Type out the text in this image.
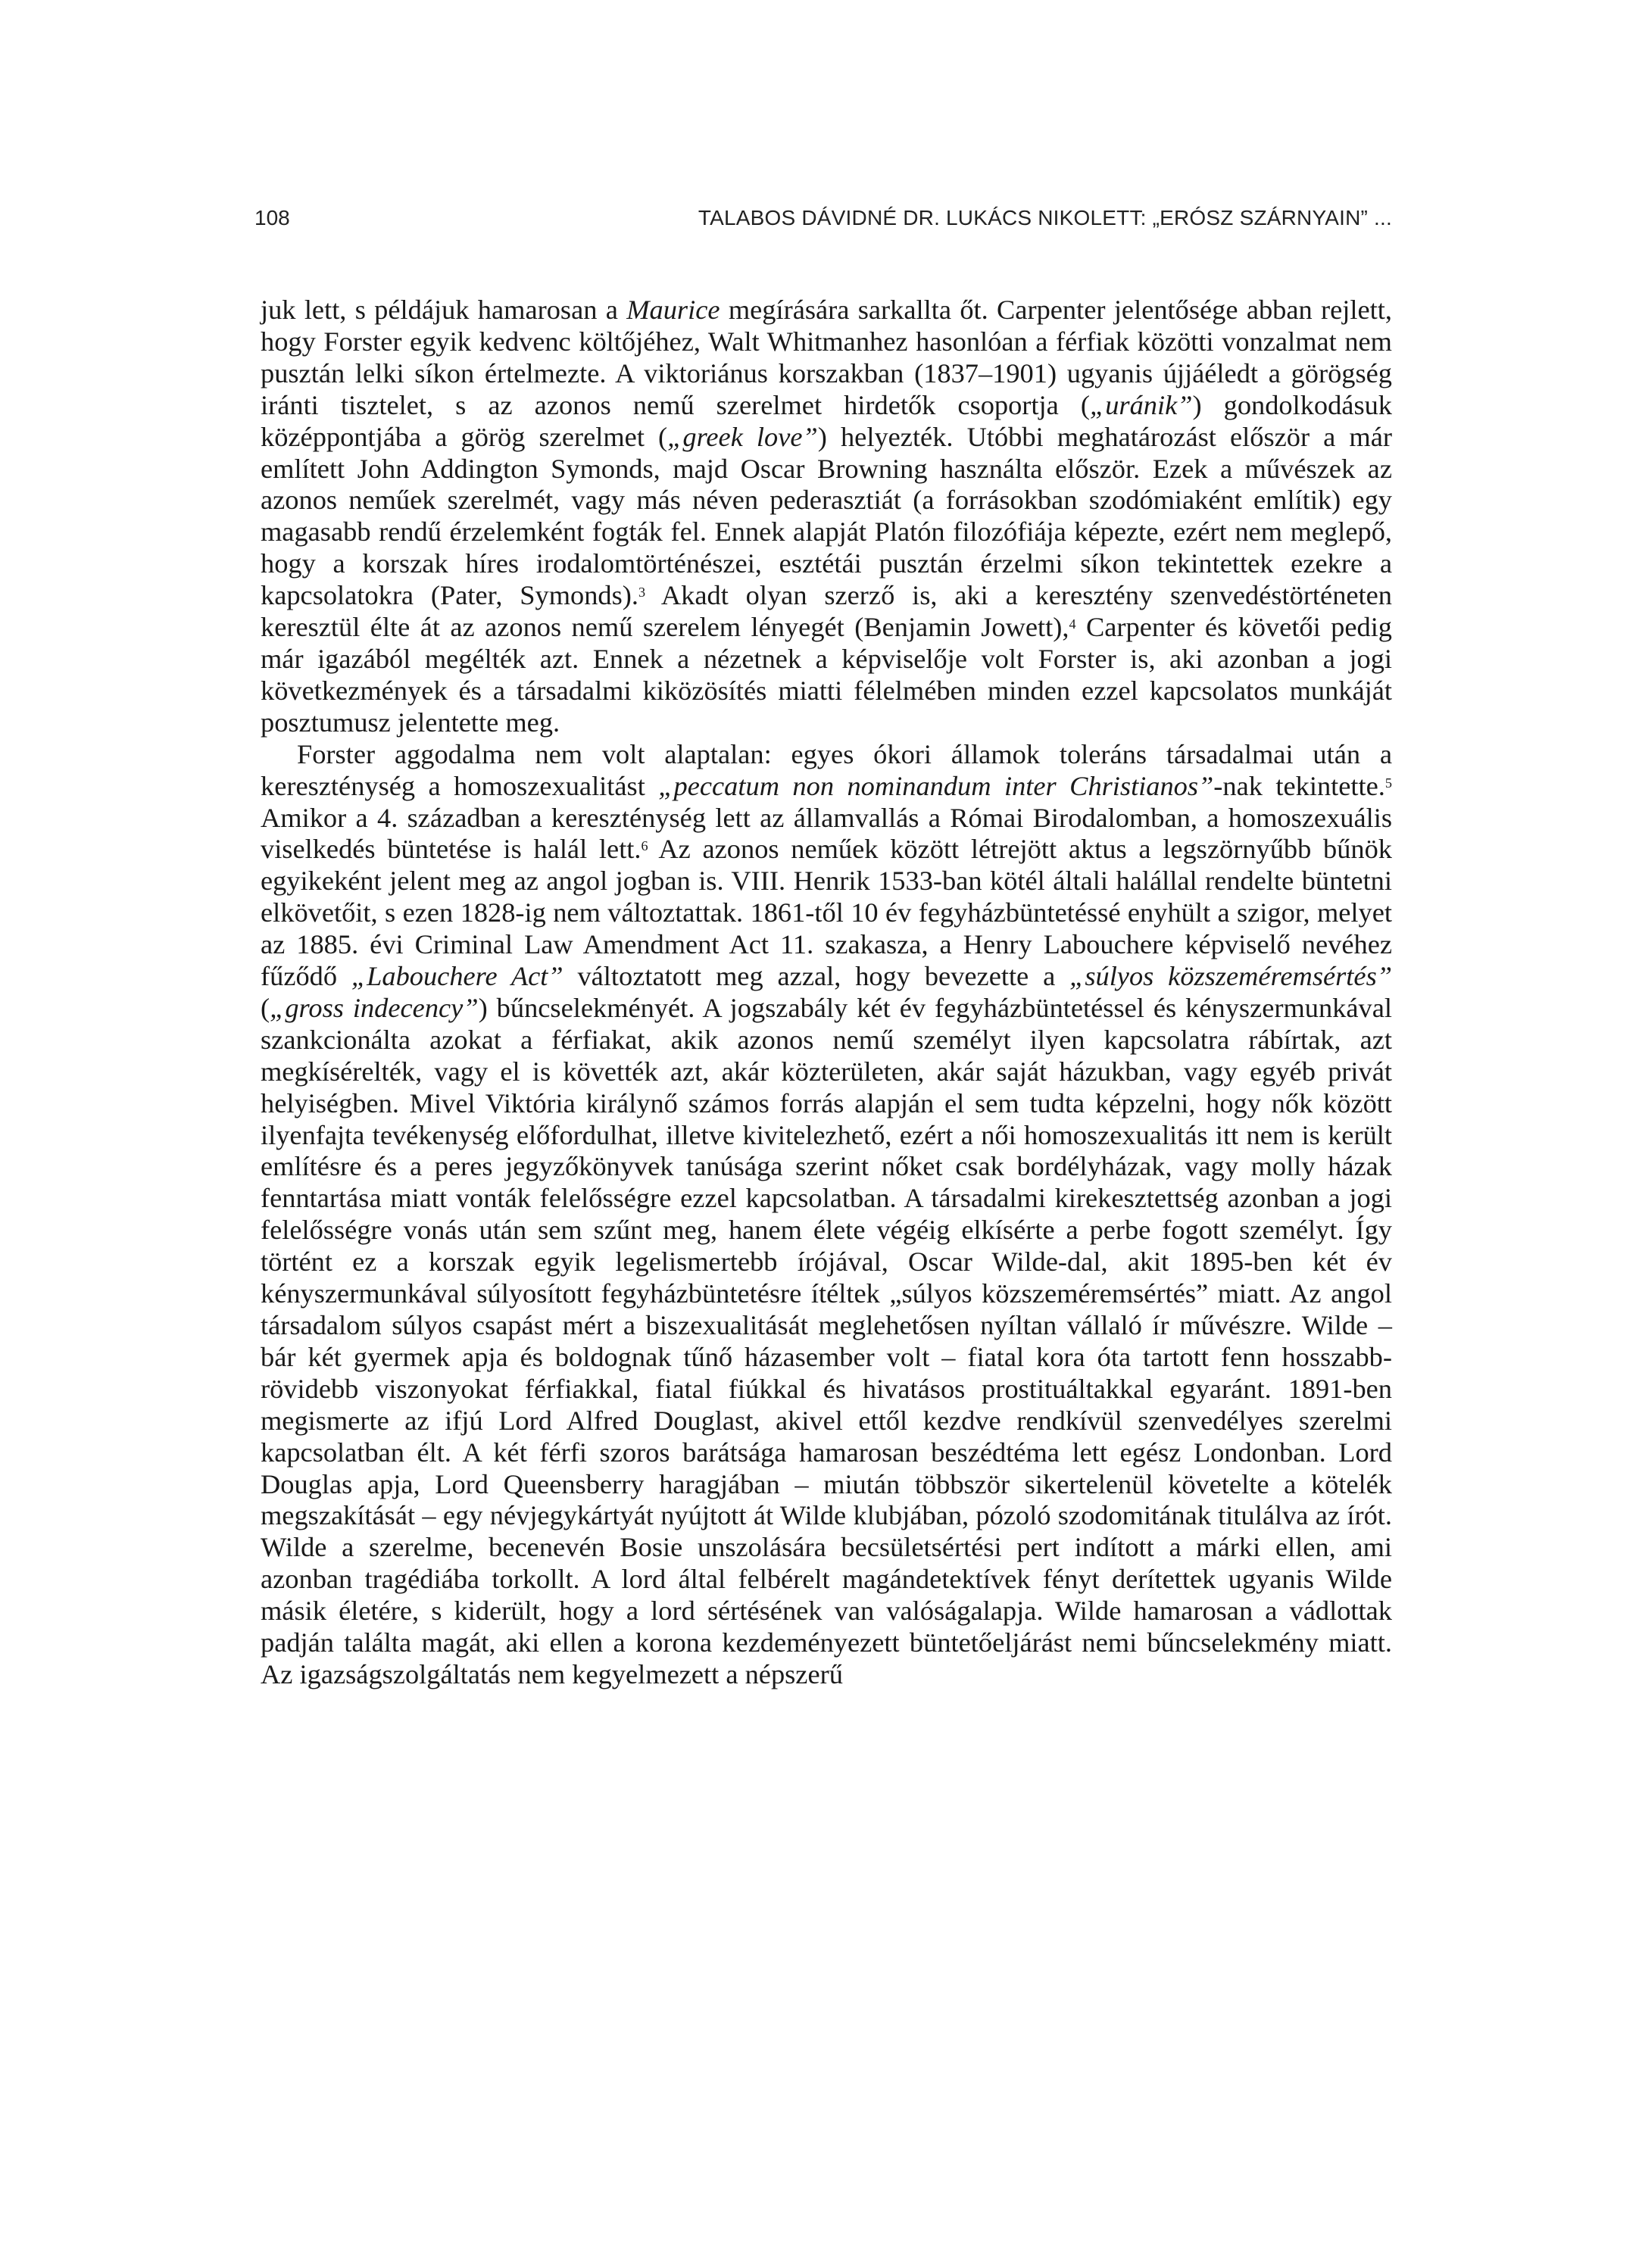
108	TALABOS DÁVIDNÉ DR. LUKÁCS NIKOLETT: „ERÓSZ SZÁRNYAIN” ...

juk lett, s példájuk hamarosan a Maurice megírására sarkallta őt. Carpenter jelentősége abban rejlett, hogy Forster egyik kedvenc költőjéhez, Walt Whitmanhez hasonlóan a férfiak közötti vonzalmat nem pusztán lelki síkon értelmezte. A viktoriánus korszakban (1837–1901) ugyanis újjáéledt a görögség iránti tisztelet, s az azonos nemű szerelmet hirdetők csoportja („uránik”) gondolkodásuk középpontjába a görög szerelmet („greek love”) helyezték. Utóbbi meghatározást először a már említett John Addington Symonds, majd Oscar Browning használta először. Ezek a művészek az azonos neműek szerelmét, vagy más néven pederasztiát (a forrásokban szodómiaként említik) egy magasabb rendű érzelemként fogták fel. Ennek alapját Platón filozófiája képezte, ezért nem meglepő, hogy a korszak híres irodalomtörténészei, esztétái pusztán érzelmi síkon tekintettek ezekre a kapcsolatokra (Pater, Symonds).$^3$ Akadt olyan szerző is, aki a keresztény szenvedéstörténeten keresztül élte át az azonos nemű szerelem lényegét (Benjamin Jowett),$^4$ Carpenter és követői pedig már igazából megélték azt. Ennek a nézetnek a képviselője volt Forster is, aki azonban a jogi következmények és a társadalmi kiközösítés miatti félelmében minden ezzel kapcsolatos munkáját posztumusz jelentette meg.

Forster aggodalma nem volt alaptalan: egyes ókori államok toleráns társadalmai után a kereszténység a homoszexualitást „peccatum non nominandum inter Christianos”-nak tekintette.$^5$ Amikor a 4. században a kereszténység lett az államvallás a Római Birodalomban, a homoszexuális viselkedés büntetése is halál lett.$^6$ Az azonos neműek között létrejött aktus a legszörnyűbb bűnök egyikeként jelent meg az angol jogban is. VIII. Henrik 1533-ban kötél általi halállal rendelte büntetni elkövetőit, s ezen 1828-ig nem változtattak. 1861-től 10 év fegyházbüntetéssé enyhült a szigor, melyet az 1885. évi Criminal Law Amendment Act 11. szakasza, a Henry Labouchere képviselő nevéhez fűződő „Labouchere Act” változtatott meg azzal, hogy bevezette a „súlyos közszeméremsértés” („gross indecency”) bűncselekményét. A jogszabály két év fegyházbüntetéssel és kényszermunkával szankcionálta azokat a férfiakat, akik azonos nemű személyt ilyen kapcsolatra rábírtak, azt megkísérelték, vagy el is követték azt, akár közterületen, akár saját házukban, vagy egyéb privát helyiségben. Mivel Viktória királynő számos forrás alapján el sem tudta képzelni, hogy nők között ilyenfajta tevékenység előfordulhat, illetve kivitelezhető, ezért a női homoszexualitás itt nem is került említésre és a peres jegyzőkönyvek tanúsága szerint nőket csak bordélyházak, vagy molly házak fenntartása miatt vonták felelősségre ezzel kapcsolatban. A társadalmi kirekesztettség azonban a jogi felelősségre vonás után sem szűnt meg, hanem élete végéig elkísérte a perbe fogott személyt. Így történt ez a korszak egyik legelismertebb írójával, Oscar Wilde-dal, akit 1895-ben két év kényszermunkával súlyosított fegyházbüntetésre ítéltek „súlyos közszeméremsértés” miatt. Az angol társadalom súlyos csapást mért a biszexualitását meglehetősen nyíltan vállaló ír művészre. Wilde – bár két gyermek apja és boldognak tűnő házasember volt – fiatal kora óta tartott fenn hosszabb-rövidebb viszonyokat férfiakkal, fiatal fiúkkal és hivatásos prostituáltakkal egyaránt. 1891-ben megismerte az ifjú Lord Alfred Douglast, akivel ettől kezdve rendkívül szenvedélyes szerelmi kapcsolatban élt. A két férfi szoros barátsága hamarosan beszédtéma lett egész Londonban. Lord Douglas apja, Lord Queensberry haragjában – miután többször sikertelenül követelte a kötelék megszakítását – egy névjegykártyát nyújtott át Wilde klubjában, pózoló szodomitának titulálva az írót. Wilde a szerelme, becenevén Bosie unszolására becsületsértési pert indított a márki ellen, ami azonban tragédiába torkollt. A lord által felbérelt magándetektívek fényt derítettek ugyanis Wilde másik életére, s kiderült, hogy a lord sértésének van valóságalapja. Wilde hamarosan a vádlottak padján találta magát, aki ellen a korona kezdeményezett büntetőeljárást nemi bűncselekmény miatt. Az igazságszolgáltatás nem kegyelmezett a népszerű
